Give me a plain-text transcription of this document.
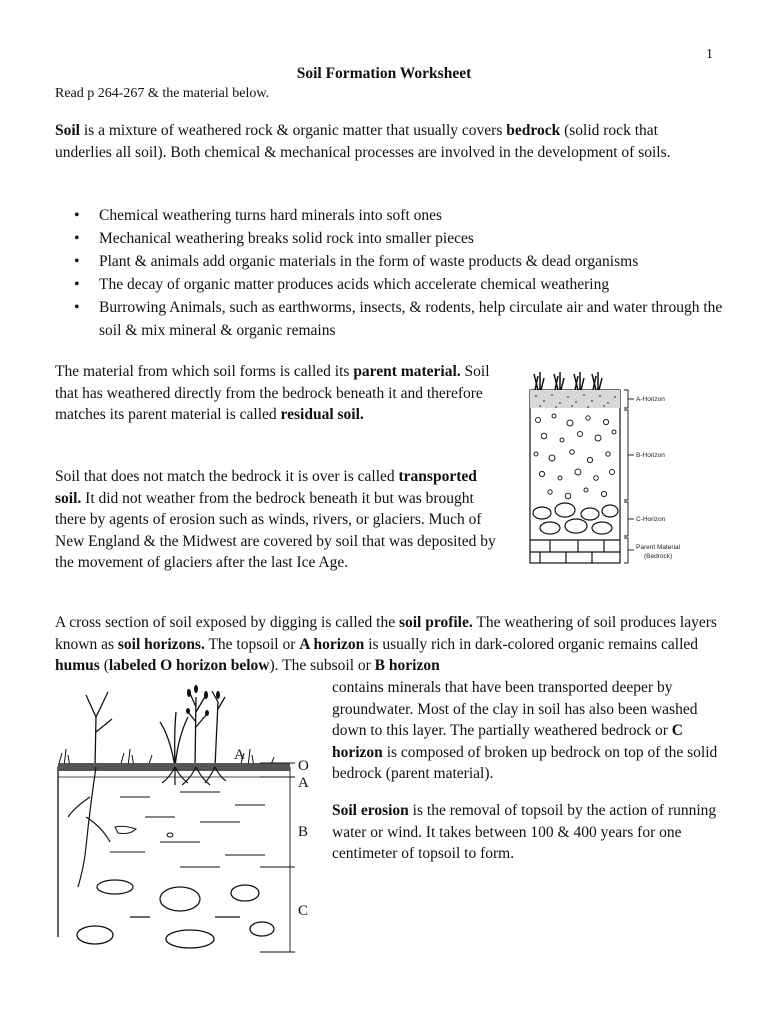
1
Soil Formation Worksheet
Read p 264-267 & the material below.

Soil is a mixture of weathered rock & organic matter that usually covers bedrock (solid rock that underlies all soil). Both chemical & mechanical processes are involved in the development of soils.

• Chemical weathering turns hard minerals into soft ones
• Mechanical weathering breaks solid rock into smaller pieces
• Plant & animals add organic materials in the form of waste products & dead organisms
• The decay of organic matter produces acids which accelerate chemical weathering
• Burrowing Animals, such as earthworms, insects, & rodents, help circulate air and water through the soil & mix mineral & organic remains

The material from which soil forms is called its parent material. Soil that has weathered directly from the bedrock beneath it and therefore matches its parent material is called residual soil.

Soil that does not match the bedrock it is over is called transported soil. It did not weather from the bedrock beneath it but was brought there by agents of erosion such as winds, rivers, or glaciers. Much of New England & the Midwest are covered by soil that was deposited by the movement of glaciers after the last Ice Age.

A cross section of soil exposed by digging is called the soil profile. The weathering of soil produces layers known as soil horizons. The topsoil or A horizon is usually rich in dark-colored organic remains called humus (labeled O horizon below). The subsoil or B horizon

contains minerals that have been transported deeper by groundwater. Most of the clay in soil has also been washed down to this layer. The partially weathered bedrock or C horizon is composed of broken up bedrock on top of the solid bedrock (parent material).

Soil erosion is the removal of topsoil by the action of running water or wind. It takes between 100 & 400 years for one centimeter of topsoil to form.

A-Horizon
B-Horizon
C-Horizon
Parent Material
(Bedrock)
A
O
A
B
C
